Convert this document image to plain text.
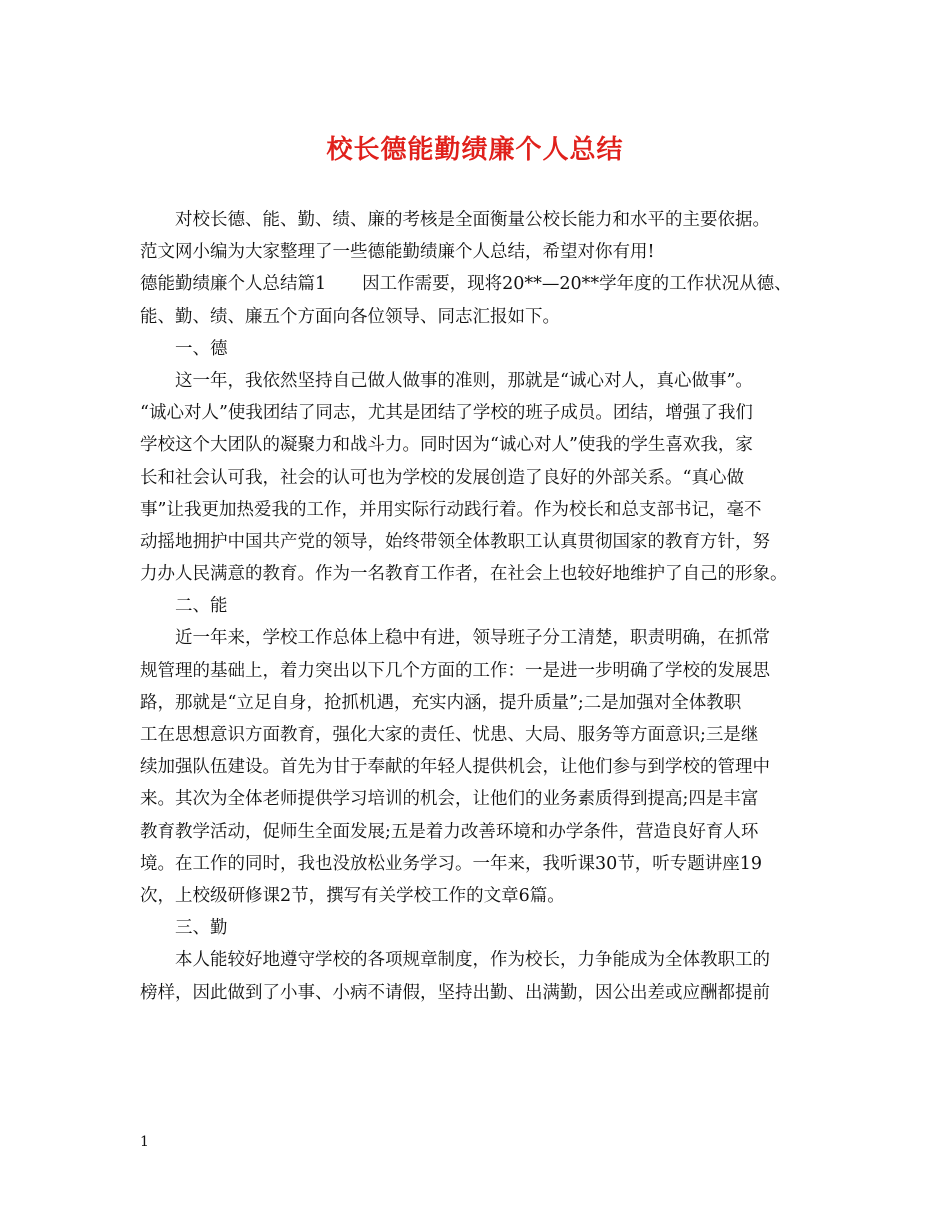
校长德能勤绩廉个人总结
对校长德、能、勤、绩、廉的考核是全面衡量公校长能力和水平的主要依据。
范文网小编为大家整理了一些德能勤绩廉个人总结，希望对你有用!
德能勤绩廉个人总结篇1 因工作需要，现将20**—20**学年度的工作状况从德、
能、勤、绩、廉五个方面向各位领导、同志汇报如下。
一、德
这一年，我依然坚持自己做人做事的准则，那就是“诚心对人，真心做事”。
“诚心对人”使我团结了同志，尤其是团结了学校的班子成员。团结，增强了我们
学校这个大团队的凝聚力和战斗力。同时因为“诚心对人”使我的学生喜欢我，家
长和社会认可我，社会的认可也为学校的发展创造了良好的外部关系。“真心做
事”让我更加热爱我的工作，并用实际行动践行着。作为校长和总支部书记，毫不
动摇地拥护中国共产党的领导，始终带领全体教职工认真贯彻国家的教育方针，努
力办人民满意的教育。作为一名教育工作者，在社会上也较好地维护了自己的形象。
二、能
近一年来，学校工作总体上稳中有进，领导班子分工清楚，职责明确，在抓常
规管理的基础上，着力突出以下几个方面的工作：一是进一步明确了学校的发展思
路，那就是“立足自身，抢抓机遇，充实内涵，提升质量”;二是加强对全体教职
工在思想意识方面教育，强化大家的责任、忧患、大局、服务等方面意识;三是继
续加强队伍建设。首先为甘于奉献的年轻人提供机会，让他们参与到学校的管理中
来。其次为全体老师提供学习培训的机会，让他们的业务素质得到提高;四是丰富
教育教学活动，促师生全面发展;五是着力改善环境和办学条件，营造良好育人环
境。在工作的同时，我也没放松业务学习。一年来，我听课30节，听专题讲座19
次，上校级研修课2节，撰写有关学校工作的文章6篇。
三、勤
本人能较好地遵守学校的各项规章制度，作为校长，力争能成为全体教职工的
榜样，因此做到了小事、小病不请假，坚持出勤、出满勤，因公出差或应酬都提前
1
